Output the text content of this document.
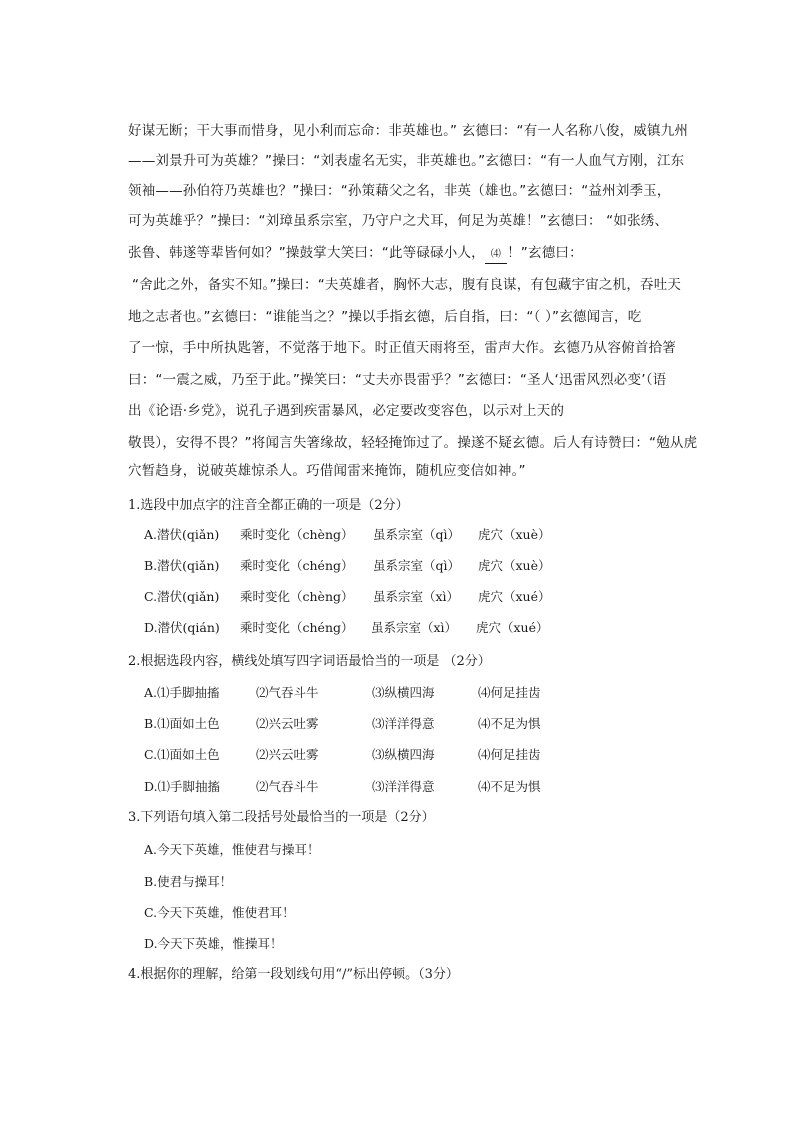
好谋无断；干大事而惜身，见小利而忘命：非英雄也。” 玄德曰：“有一人名称八俊，威镇九州
——刘景升可为英雄？”操曰：“刘表虚名无实，非英雄也。”玄德曰：“有一人血气方刚，江东
领袖——孙伯符乃英雄也？”操曰：“孙策藉父之名，非英（雄也。”玄德曰：“益州刘季玉，
可为英雄乎？”操曰：“刘璋虽系宗室，乃守户之犬耳，何足为英雄！”玄德曰： “如张绣、
张鲁、韩遂等辈皆何如？”操鼓掌大笑曰：“此等碌碌小人， ⑷ ！”玄德曰：
“舍此之外，备实不知。”操曰：“夫英雄者，胸怀大志，腹有良谋，有包藏宇宙之机，吞吐天
地之志者也。”玄德曰：“谁能当之？”操以手指玄德，后自指，曰：“（ ）”玄德闻言，吃
了一惊，手中所执匙箸，不觉落于地下。时正值天雨将至，雷声大作。玄德乃从容俯首拾箸
曰：“一震之威，乃至于此。”操笑曰：“丈夫亦畏雷乎？”玄德曰：“圣人‘迅雷风烈必变’（语
出《论语·乡党》，说孔子遇到疾雷暴风，必定要改变容色，以示对上天的
敬畏），安得不畏？”将闻言失箸缘故，轻轻掩饰过了。操遂不疑玄德。后人有诗赞曰：“勉从虎
穴暂趋身，说破英雄惊杀人。巧借闻雷来掩饰，随机应变信如神。”
1.选段中加点字的注音全都正确的一项是（2分）
A.潜伏(qiǎn) 乘时变化（chèng） 虽系宗室（qì） 虎穴（xuè）
B.潜伏(qiǎn) 乘时变化（chéng） 虽系宗室（qì） 虎穴（xuè）
C.潜伏(qiǎn) 乘时变化（chèng） 虽系宗室（xì） 虎穴（xué）
D.潜伏(qián) 乘时变化（chéng） 虽系宗室（xì） 虎穴（xué）
2.根据选段内容，横线处填写四字词语最恰当的一项是 （2分）
A.⑴手脚抽搐	⑵气吞斗牛	⑶纵横四海	⑷何足挂齿
B.⑴面如土色	⑵兴云吐雾	⑶洋洋得意	⑷不足为惧
C.⑴面如土色	⑵兴云吐雾	⑶纵横四海	⑷何足挂齿
D.⑴手脚抽搐	⑵气吞斗牛	⑶洋洋得意	⑷不足为惧
3.下列语句填入第二段括号处最恰当的一项是（2分）
A.今天下英雄，惟使君与操耳！
B.使君与操耳！
C.今天下英雄，惟使君耳！
D.今天下英雄，惟操耳！
4.根据你的理解，给第一段划线句用“/”标出停顿。（3分）
